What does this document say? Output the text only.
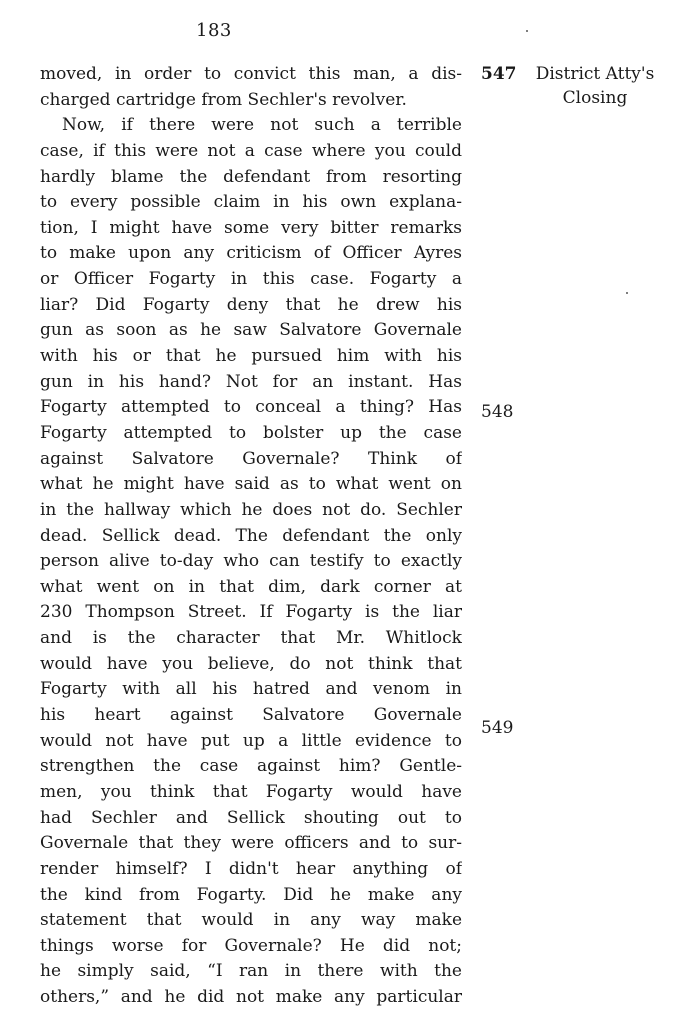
183
District Atty's
Closing
547
548
549
moved, in order to convict this man, a dis-
charged cartridge from Sechler's revolver.
Now, if there were not such a terrible
case, if this were not a case where you could
hardly blame the defendant from resorting
to every possible claim in his own explana-
tion, I might have some very bitter remarks
to make upon any criticism of Officer Ayres
or Officer Fogarty in this case. Fogarty a
liar? Did Fogarty deny that he drew his
gun as soon as he saw Salvatore Governale
with his or that he pursued him with his
gun in his hand? Not for an instant. Has
Fogarty attempted to conceal a thing? Has
Fogarty attempted to bolster up the case
against Salvatore Governale? Think of
what he might have said as to what went on
in the hallway which he does not do. Sechler
dead. Sellick dead. The defendant the only
person alive to-day who can testify to exactly
what went on in that dim, dark corner at
230 Thompson Street. If Fogarty is the liar
and is the character that Mr. Whitlock
would have you believe, do not think that
Fogarty with all his hatred and venom in
his heart against Salvatore Governale
would not have put up a little evidence to
strengthen the case against him? Gentle-
men, you think that Fogarty would have
had Sechler and Sellick shouting out to
Governale that they were officers and to sur-
render himself? I didn't hear anything of
the kind from Fogarty. Did he make any
statement that would in any way make
things worse for Governale? He did not;
he simply said, “I ran in there with the
others,” and he did not make any particular
